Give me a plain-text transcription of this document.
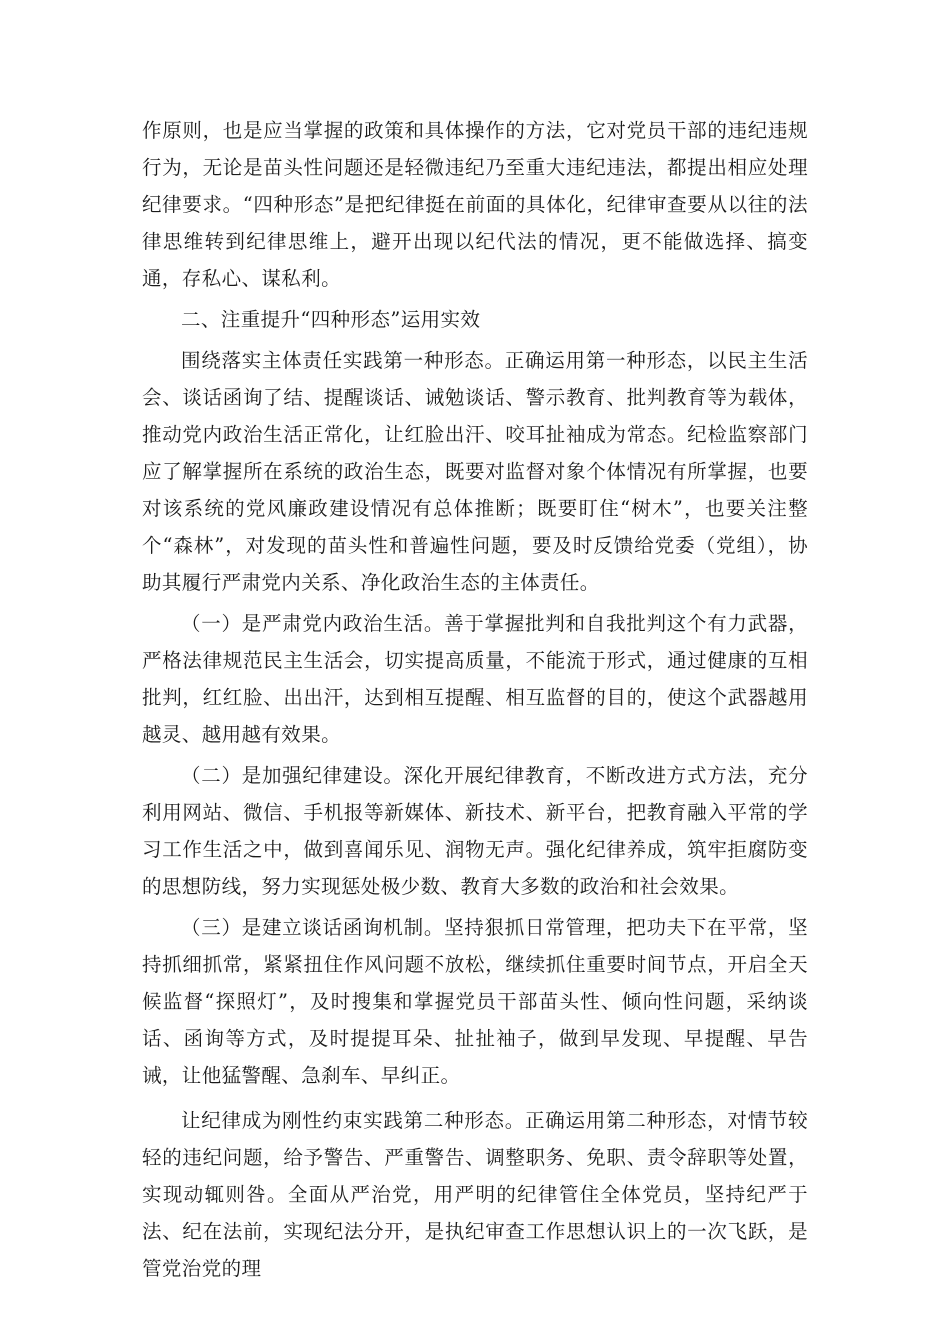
作原则，也是应当掌握的政策和具体操作的方法，它对党员干部的违纪违规行为，无论是苗头性问题还是轻微违纪乃至重大违纪违法，都提出相应处理纪律要求。“四种形态”是把纪律挺在前面的具体化，纪律审查要从以往的法律思维转到纪律思维上，避开出现以纪代法的情况，更不能做选择、搞变通，存私心、谋私利。

二、注重提升“四种形态”运用实效

围绕落实主体责任实践第一种形态。正确运用第一种形态，以民主生活会、谈话函询了结、提醒谈话、诫勉谈话、警示教育、批判教育等为载体，推动党内政治生活正常化，让红脸出汗、咬耳扯袖成为常态。纪检监察部门应了解掌握所在系统的政治生态，既要对监督对象个体情况有所掌握，也要对该系统的党风廉政建设情况有总体推断；既要盯住“树木”，也要关注整个“森林”，对发现的苗头性和普遍性问题，要及时反馈给党委（党组），协助其履行严肃党内关系、净化政治生态的主体责任。

（一）是严肃党内政治生活。善于掌握批判和自我批判这个有力武器，严格法律规范民主生活会，切实提高质量，不能流于形式，通过健康的互相批判，红红脸、出出汗，达到相互提醒、相互监督的目的，使这个武器越用越灵、越用越有效果。

（二）是加强纪律建设。深化开展纪律教育，不断改进方式方法，充分利用网站、微信、手机报等新媒体、新技术、新平台，把教育融入平常的学习工作生活之中，做到喜闻乐见、润物无声。强化纪律养成，筑牢拒腐防变的思想防线，努力实现惩处极少数、教育大多数的政治和社会效果。

（三）是建立谈话函询机制。坚持狠抓日常管理，把功夫下在平常，坚持抓细抓常，紧紧扭住作风问题不放松，继续抓住重要时间节点，开启全天候监督“探照灯”，及时搜集和掌握党员干部苗头性、倾向性问题，采纳谈话、函询等方式，及时提提耳朵、扯扯袖子，做到早发现、早提醒、早告诫，让他猛警醒、急刹车、早纠正。

让纪律成为刚性约束实践第二种形态。正确运用第二种形态，对情节较轻的违纪问题，给予警告、严重警告、调整职务、免职、责令辞职等处置，实现动辄则咎。全面从严治党，用严明的纪律管住全体党员，坚持纪严于法、纪在法前，实现纪法分开，是执纪审查工作思想认识上的一次飞跃，是管党治党的理
